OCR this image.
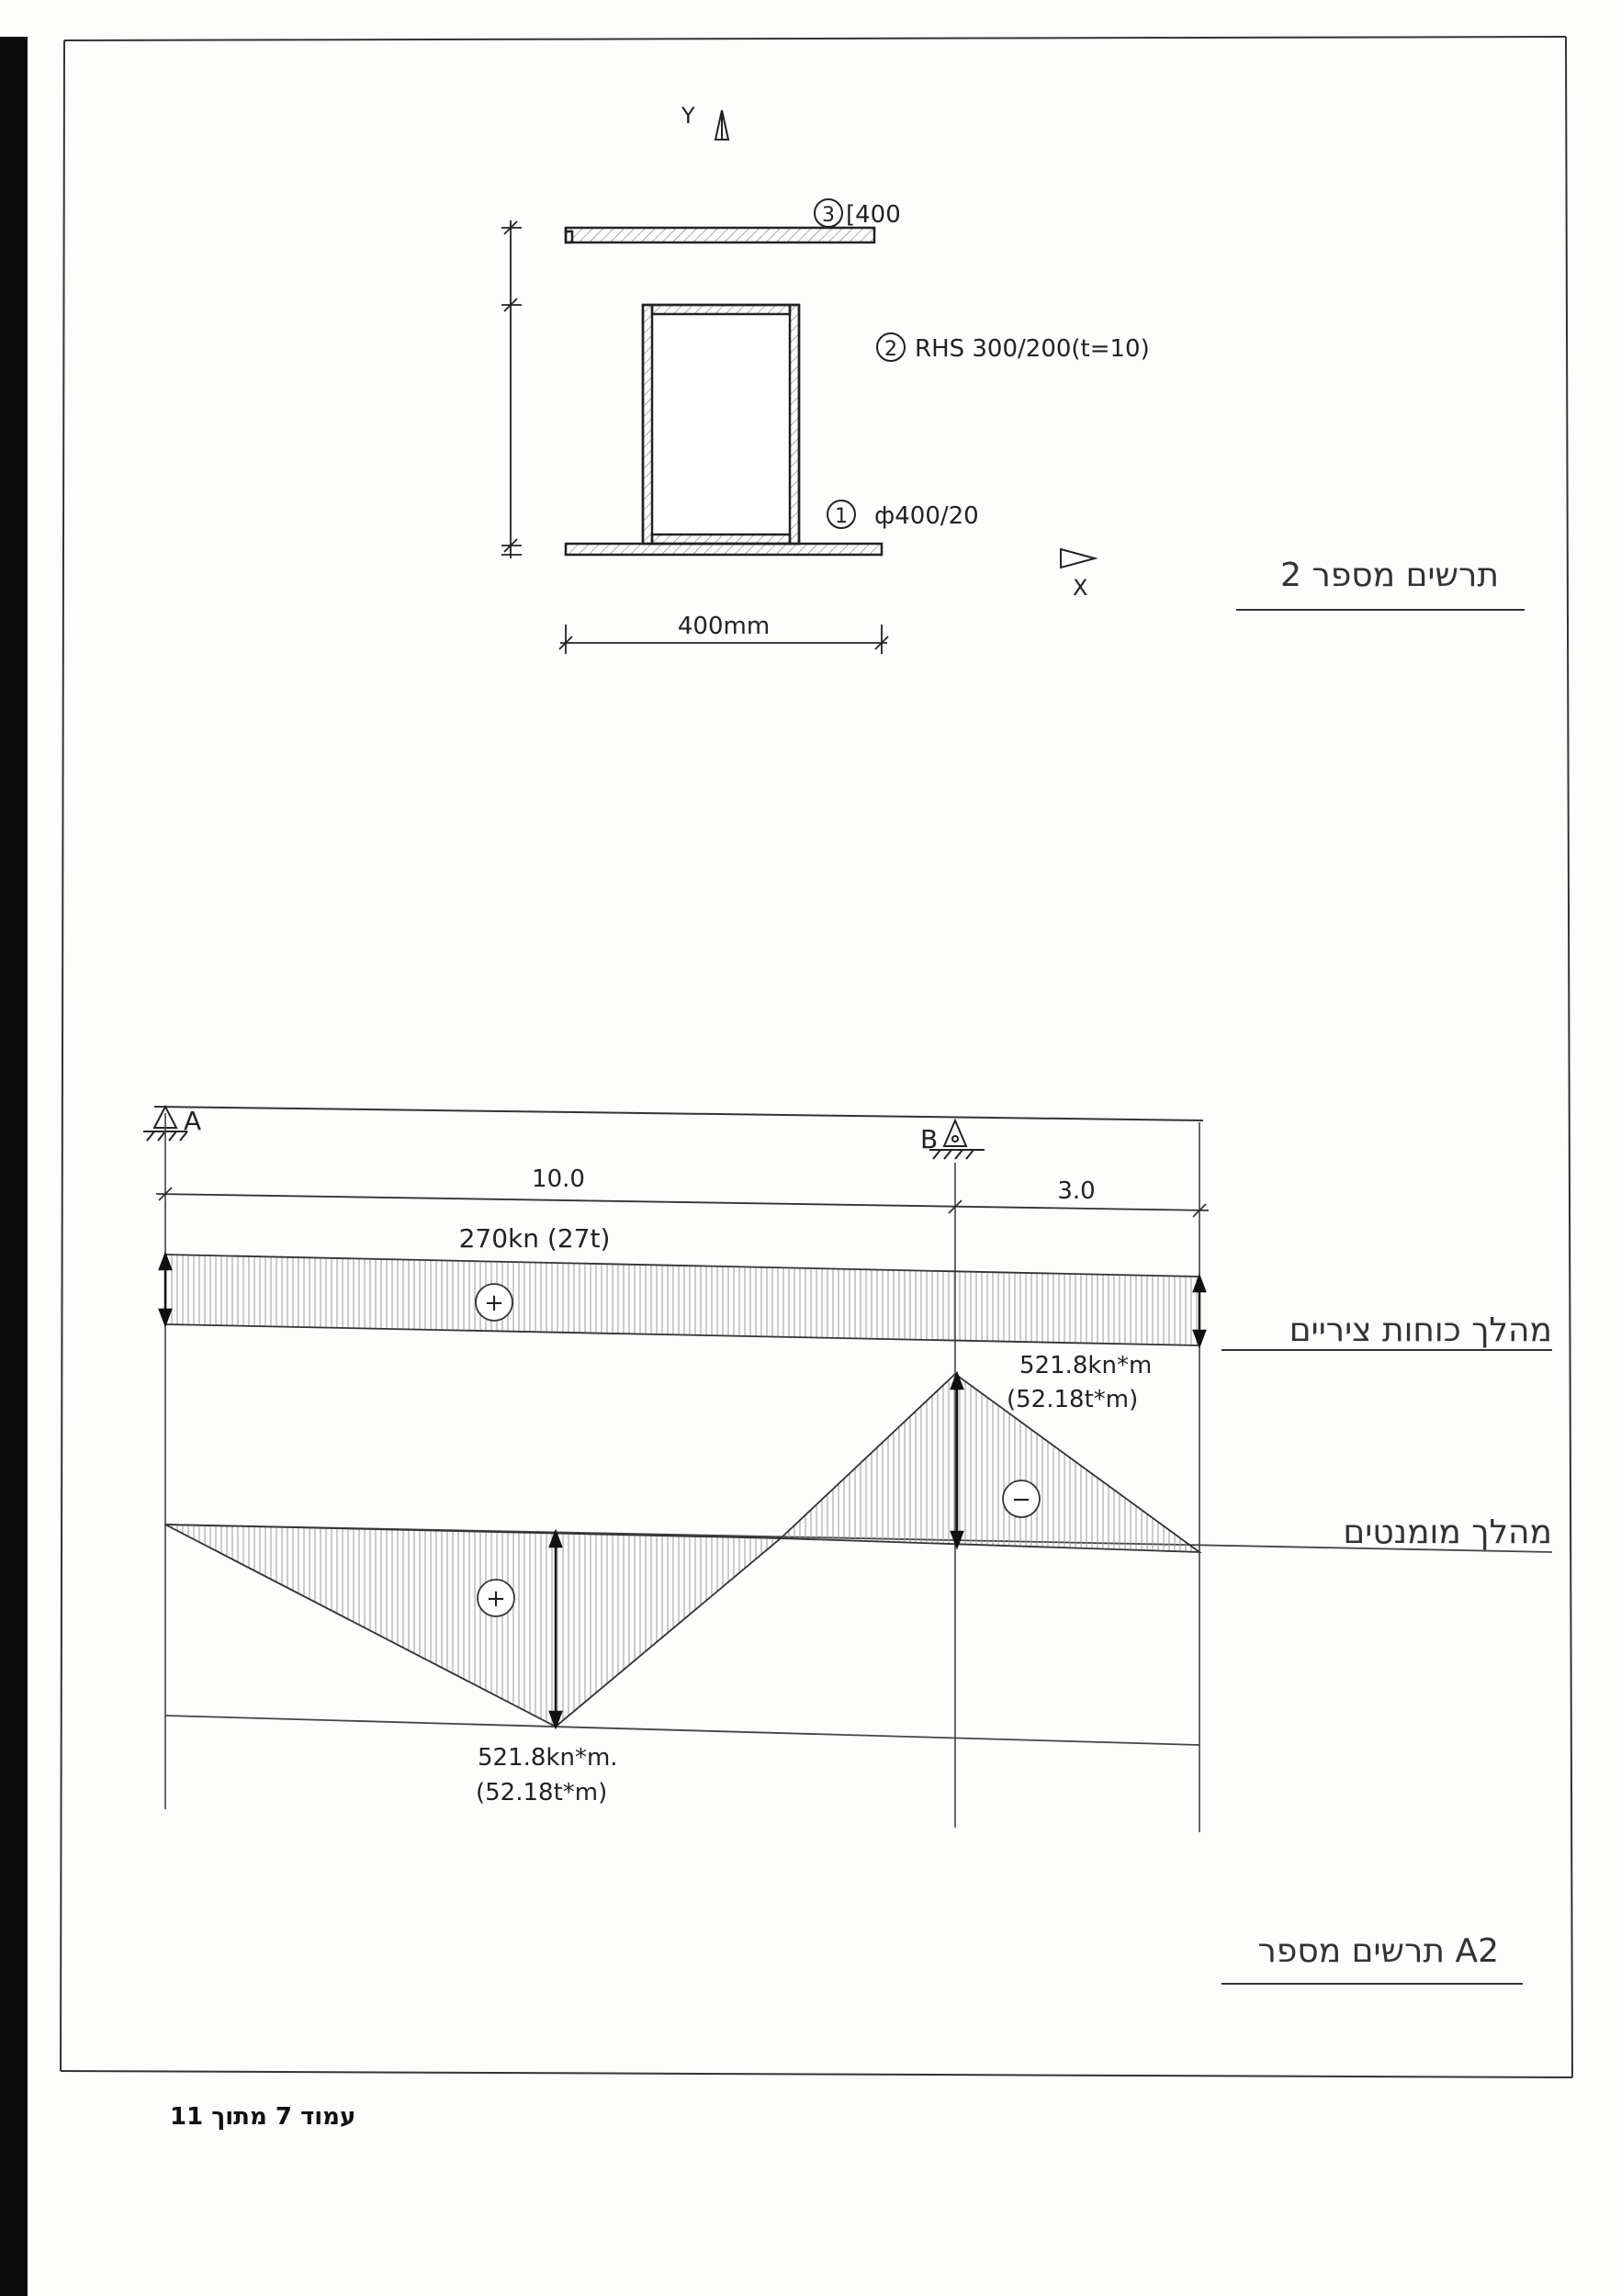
Y
3 [400
2 RHS 300/200(t=10)
1 ф400/20
X
400mm
תרשים מספר 2
A
B
10.0	3.0
270kn (27t)
+
מהלך כוחות ציריים
+
−
521.8kn*m.
(52.18t*m)
521.8kn*m
(52.18t*m)
מהלך מומנטים
תרשים מספר A2
עמוד 7 מתוך 11
